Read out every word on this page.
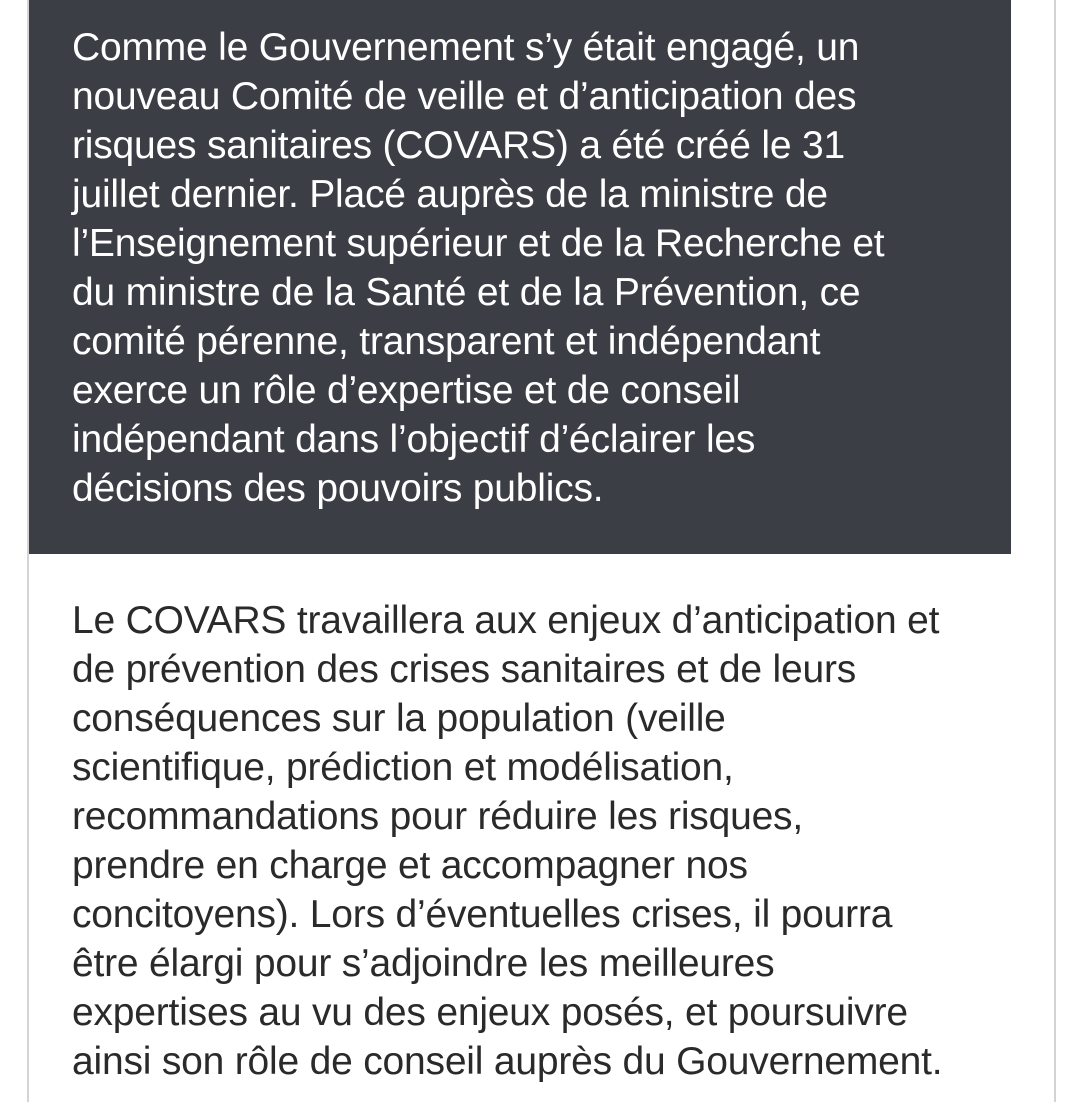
Comme le Gouvernement s’y était engagé, un
nouveau Comité de veille et d’anticipation des
risques sanitaires (COVARS) a été créé le 31
juillet dernier. Placé auprès de la ministre de
l’Enseignement supérieur et de la Recherche et
du ministre de la Santé et de la Prévention, ce
comité pérenne, transparent et indépendant
exerce un rôle d’expertise et de conseil
indépendant dans l’objectif d’éclairer les
décisions des pouvoirs publics.

Le COVARS travaillera aux enjeux d’anticipation et
de prévention des crises sanitaires et de leurs
conséquences sur la population (veille
scientifique, prédiction et modélisation,
recommandations pour réduire les risques,
prendre en charge et accompagner nos
concitoyens). Lors d’éventuelles crises, il pourra
être élargi pour s’adjoindre les meilleures
expertises au vu des enjeux posés, et poursuivre
ainsi son rôle de conseil auprès du Gouvernement.
